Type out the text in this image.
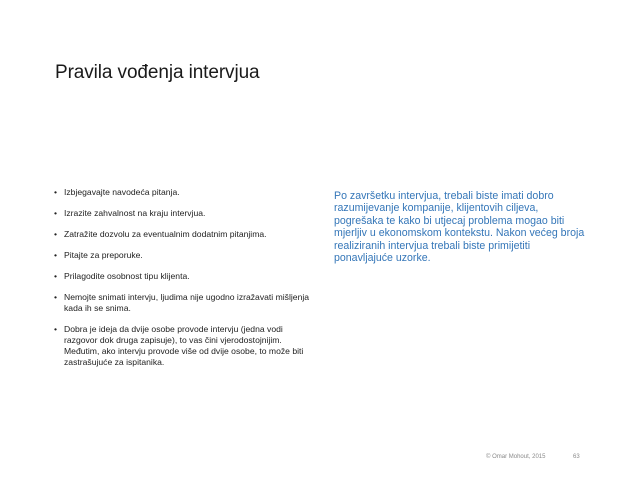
Pravila vođenja intervjua
• Izbjegavajte navodeća pitanja.
• Izrazite zahvalnost na kraju intervjua.
• Zatražite dozvolu za eventualnim dodatnim pitanjima.
• Pitajte za preporuke.
• Prilagodite osobnost tipu klijenta.
• Nemojte snimati intervju, ljudima nije ugodno izražavati mišljenja kada ih se snima.
• Dobra je ideja da dvije osobe provode intervju (jedna vodi razgovor dok druga zapisuje), to vas čini vjerodostojnijim. Međutim, ako intervju provode više od dvije osobe, to može biti zastrašujuće za ispitanika.

Po završetku intervjua, trebali biste imati dobro razumijevanje kompanije, klijentovih ciljeva, pogrešaka te kako bi utjecaj problema mogao biti mjerljiv u ekonomskom kontekstu. Nakon većeg broja realiziranih intervjua trebali biste primijetiti ponavljajuće uzorke.

© Omar Mohout, 2015	63
